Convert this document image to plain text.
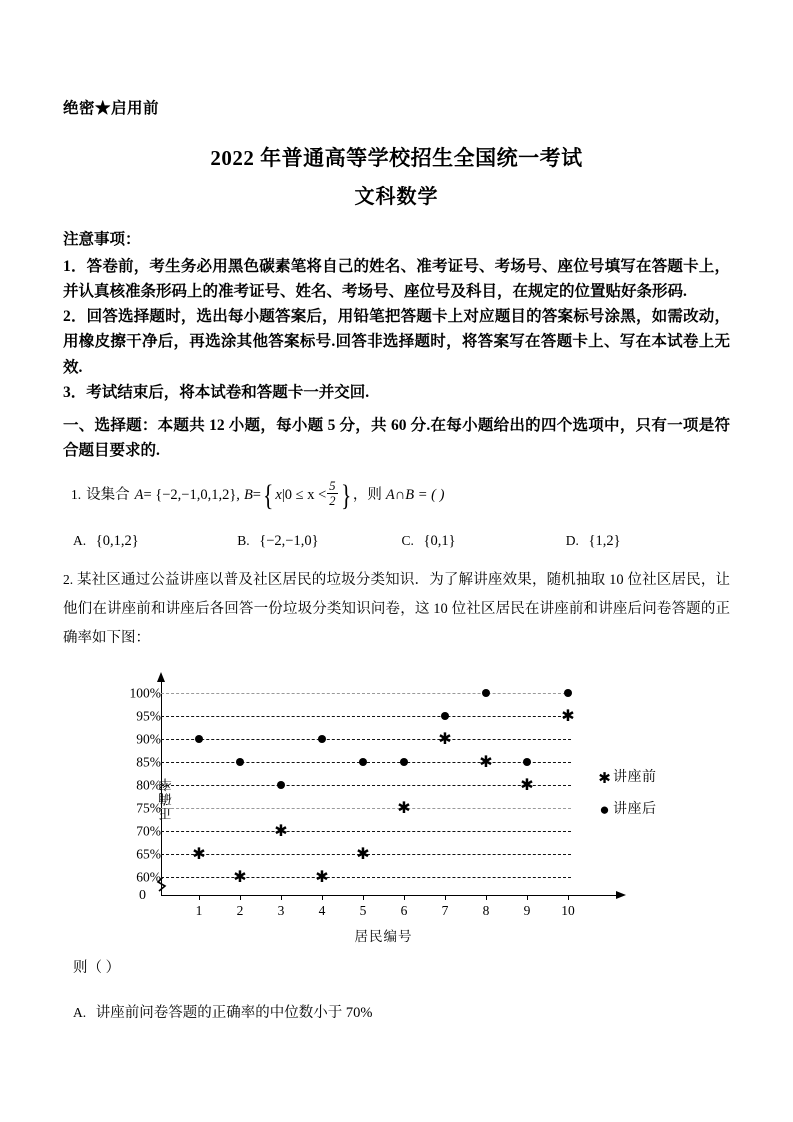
绝密★启用前
2022 年普通高等学校招生全国统一考试
文科数学
注意事项：
1．答卷前，考生务必用黑色碳素笔将自己的姓名、准考证号、考场号、座位号填写在答题卡上，并认真核准条形码上的准考证号、姓名、考场号、座位号及科目，在规定的位置贴好条形码.
2．回答选择题时，选出每小题答案后，用铅笔把答题卡上对应题目的答案标号涂黑，如需改动，用橡皮擦干净后，再选涂其他答案标号.回答非选择题时，将答案写在答题卡上、写在本试卷上无效.
3．考试结束后，将本试卷和答题卡一并交回.
一、选择题：本题共 12 小题，每小题 5 分，共 60 分.在每小题给出的四个选项中，只有一项是符合题目要求的.
1. 设集合 A = {−2,−1,0,1,2}, B = { x $|0 \le x < \frac{5}{2}$ } ，则 A∩B = ( )
A. {0,1,2}	B. {−2,−1,0}	C. {0,1}	D. {1,2}
2. 某社区通过公益讲座以普及社区居民的垃圾分类知识．为了解讲座效果，随机抽取 10 位社区居民，让他们在讲座前和讲座后各回答一份垃圾分类知识问卷，这 10 位社区居民在讲座前和讲座后问卷答题的正确率如下图：
0
正确率
60%
65%
70%
75%
80%
85%
90%
95%
100%
1	2	3	4	5	6	7	8	9 10
✱
✱
✱
✱
✱
✱
✱
✱
✱
✱
居民编号
✱ 讲座前
● 讲座后
则（ ）
A. 讲座前问卷答题的正确率的中位数小于 70%
